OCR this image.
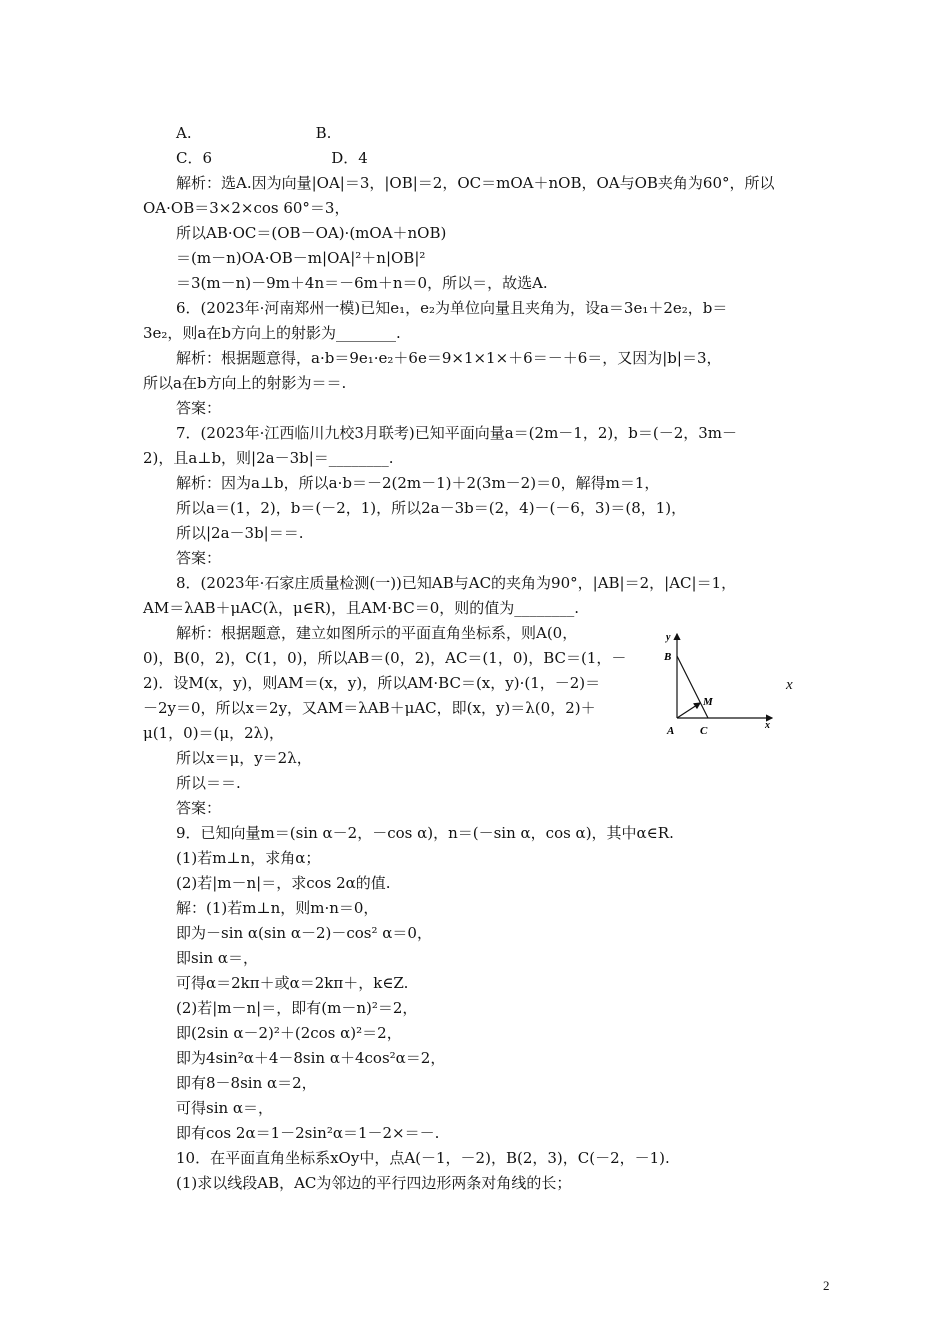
A.                          B.
C．6                         D．4
解析：选A.因为向量|OA|＝3，|OB|＝2，OC＝mOA＋nOB，OA与OB夹角为60°，所以
OA·OB＝3×2×cos 60°＝3，
所以AB·OC＝(OB－OA)·(mOA＋nOB)
＝(m－n)OA·OB－m|OA|²＋n|OB|²
＝3(m－n)－9m＋4n＝－6m＋n＝0，所以＝，故选A.
6．(2023年·河南郑州一模)已知e₁，e₂为单位向量且夹角为，设a＝3e₁＋2e₂，b＝
3e₂，则a在b方向上的射影为________.
解析：根据题意得，a·b＝9e₁·e₂＋6e＝9×1×1×＋6＝－＋6＝，又因为|b|＝3，
所以a在b方向上的射影为＝＝.
答案：
7．(2023年·江西临川九校3月联考)已知平面向量a＝(2m－1，2)，b＝(－2，3m－
2)，且a⊥b，则|2a－3b|＝________.
解析：因为a⊥b，所以a·b＝－2(2m－1)＋2(3m－2)＝0，解得m＝1，
所以a＝(1，2)，b＝(－2，1)，所以2a－3b＝(2，4)－(－6，3)＝(8，1)，
所以|2a－3b|＝＝.
答案：
8．(2023年·石家庄质量检测(一))已知AB与AC的夹角为90°，|AB|＝2，|AC|＝1，
AM＝λAB＋μAC(λ，μ∈R)，且AM·BC＝0，则的值为________.
解析：根据题意，建立如图所示的平面直角坐标系，则A(0，
0)，B(0，2)，C(1，0)，所以AB＝(0，2)，AC＝(1，0)，BC＝(1，－
2)．设M(x，y)，则AM＝(x，y)，所以AM·BC＝(x，y)·(1，－2)＝
－2y＝0，所以x＝2y，又AM＝λAB＋μAC，即(x，y)＝λ(0，2)＋
μ(1，0)＝(μ，2λ)，
所以x＝μ，y＝2λ，
所以＝＝.
答案：
9．已知向量m＝(sin α－2，－cos α)，n＝(－sin α，cos α)，其中α∈R.
(1)若m⊥n，求角α；
(2)若|m－n|＝，求cos 2α的值.
解：(1)若m⊥n，则m·n＝0，
即为－sin α(sin α－2)－cos² α＝0，
即sin α＝，
可得α＝2kπ＋或α＝2kπ＋，k∈Z.
(2)若|m－n|＝，即有(m－n)²＝2，
即(2sin α－2)²＋(2cos α)²＝2，
即为4sin²α＋4－8sin α＋4cos²α＝2，
即有8－8sin α＝2，
可得sin α＝，
即有cos 2α＝1－2sin²α＝1－2×＝－.
10．在平面直角坐标系xOy中，点A(－1，－2)，B(2，3)，C(－2，－1).
(1)求以线段AB，AC为邻边的平行四边形两条对角线的长；
x
y
B
M
x
A C
2
